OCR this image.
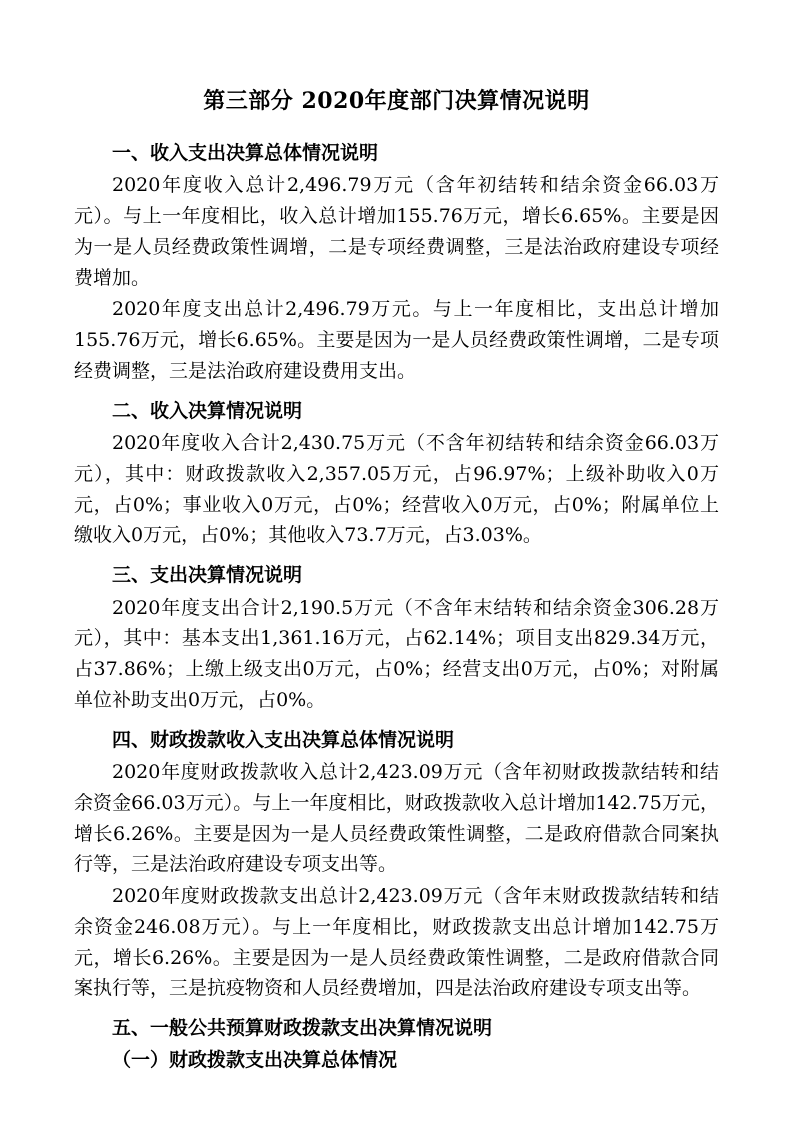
第三部分 2020年度部门决算情况说明
一、收入支出决算总体情况说明

2020年度收入总计2,496.79万元（含年初结转和结余资金66.03万元）。与上一年度相比，收入总计增加155.76万元，增长6.65%。主要是因为一是人员经费政策性调增，二是专项经费调整，三是法治政府建设专项经费增加。

2020年度支出总计2,496.79万元。与上一年度相比，支出总计增加155.76万元，增长6.65%。主要是因为一是人员经费政策性调增，二是专项经费调整，三是法治政府建设费用支出。

二、收入决算情况说明

2020年度收入合计2,430.75万元（不含年初结转和结余资金66.03万元），其中：财政拨款收入2,357.05万元，占96.97%；上级补助收入0万元，占0%；事业收入0万元，占0%；经营收入0万元，占0%；附属单位上缴收入0万元，占0%；其他收入73.7万元，占3.03%。

三、支出决算情况说明

2020年度支出合计2,190.5万元（不含年末结转和结余资金306.28万元），其中：基本支出1,361.16万元，占62.14%；项目支出829.34万元，占37.86%；上缴上级支出0万元，占0%；经营支出0万元，占0%；对附属单位补助支出0万元，占0%。

四、财政拨款收入支出决算总体情况说明

2020年度财政拨款收入总计2,423.09万元（含年初财政拨款结转和结余资金66.03万元）。与上一年度相比，财政拨款收入总计增加142.75万元，增长6.26%。主要是因为一是人员经费政策性调整，二是政府借款合同案执行等，三是法治政府建设专项支出等。

2020年度财政拨款支出总计2,423.09万元（含年末财政拨款结转和结余资金246.08万元）。与上一年度相比，财政拨款支出总计增加142.75万元，增长6.26%。主要是因为一是人员经费政策性调整，二是政府借款合同案执行等，三是抗疫物资和人员经费增加，四是法治政府建设专项支出等。

五、一般公共预算财政拨款支出决算情况说明
（一）财政拨款支出决算总体情况
